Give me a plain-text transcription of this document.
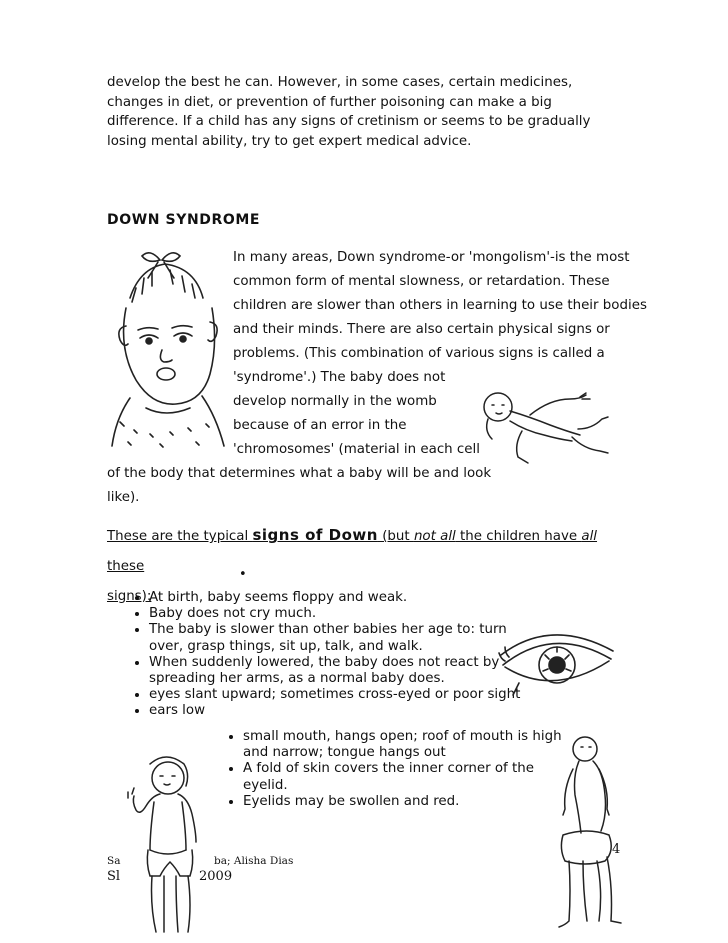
develop the best he can. However, in some cases, certain medicines, changes in diet, or prevention of further poisoning can make a big difference. If a child has any signs of cretinism or seems to be gradually losing mental ability, try to get expert medical advice.
DOWN SYNDROME
In many areas, Down syndrome-or 'mongolism'-is the most
common form of mental slowness, or retardation. These
children are slower than others in learning to use their bodies
and their minds. There are also certain physical signs or
problems. (This combination of various signs is called a
'syndrome'.) The baby does not
develop normally in the womb
because of an error in the
'chromosomes' (material in each cell
of the body that determines what a baby will be and look
like).
These are the typical signs of Down (but not all the children have all these
signs):
•
• At birth, baby seems floppy and weak.
• Baby does not cry much.
• The baby is slower than other babies her age to: turn over, grasp things, sit up, talk, and walk.
• When suddenly lowered, the baby does not react by spreading her arms, as a normal baby does.
• eyes slant upward; sometimes cross-eyed or poor sight
• ears low
• small mouth, hangs open; roof of mouth is high and narrow; tongue hangs out
• A fold of skin covers the inner corner of the eyelid.
• Eyelids may be swollen and red.
4
Sa	ba; Alisha Dias
Sl	2009
